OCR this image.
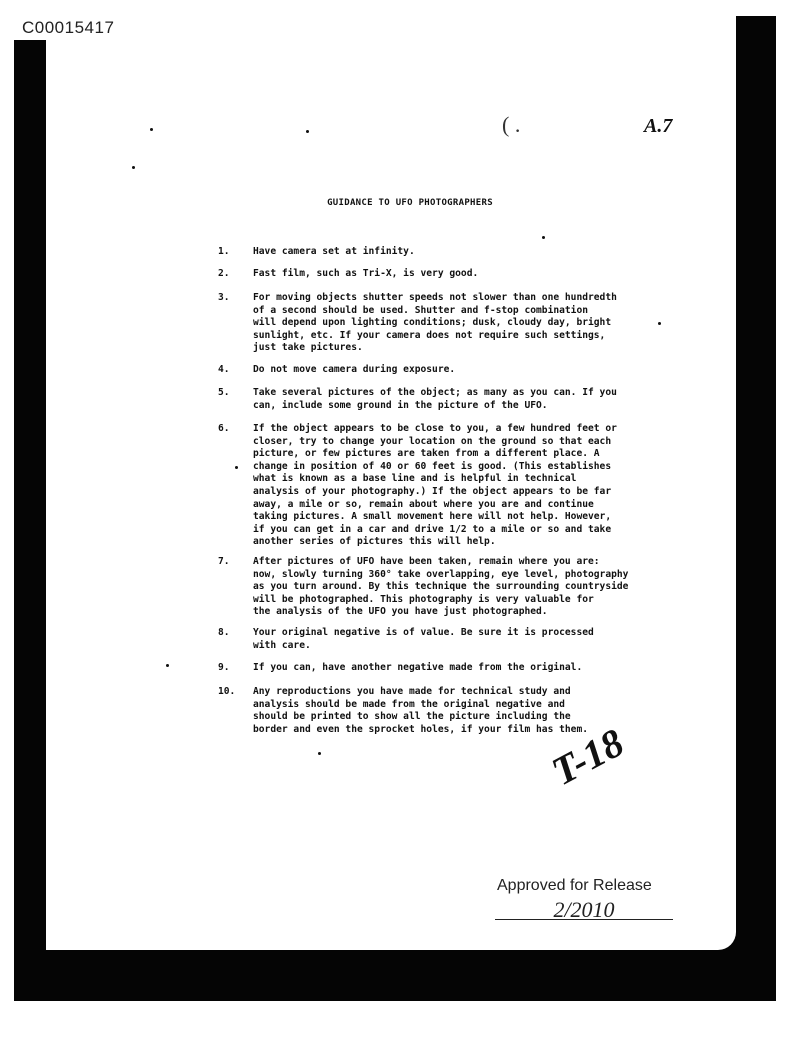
C00015417
( .	A.7
GUIDANCE TO UFO PHOTOGRAPHERS
1.	Have camera set at infinity.
2.	Fast film, such as Tri-X, is very good.
3.	For moving objects shutter speeds not slower than one hundredth
of a second should be used. Shutter and f-stop combination
will depend upon lighting conditions; dusk, cloudy day, bright
sunlight, etc. If your camera does not require such settings,
just take pictures.
4.	Do not move camera during exposure.
5.	Take several pictures of the object; as many as you can. If you
can, include some ground in the picture of the UFO.
6.	If the object appears to be close to you, a few hundred feet or
closer, try to change your location on the ground so that each
picture, or few pictures are taken from a different place. A
change in position of 40 or 60 feet is good. (This establishes
what is known as a base line and is helpful in technical
analysis of your photography.) If the object appears to be far
away, a mile or so, remain about where you are and continue
taking pictures. A small movement here will not help. However,
if you can get in a car and drive 1/2 to a mile or so and take
another series of pictures this will help.
7.	After pictures of UFO have been taken, remain where you are:
now, slowly turning 360° take overlapping, eye level, photography
as you turn around. By this technique the surrounding countryside
will be photographed. This photography is very valuable for
the analysis of the UFO you have just photographed.
8.	Your original negative is of value. Be sure it is processed
with care.
9.	If you can, have another negative made from the original.
10.	Any reproductions you have made for technical study and
analysis should be made from the original negative and
should be printed to show all the picture including the
border and even the sprocket holes, if your film has them.
T-18
Approved for Release
2/2010
